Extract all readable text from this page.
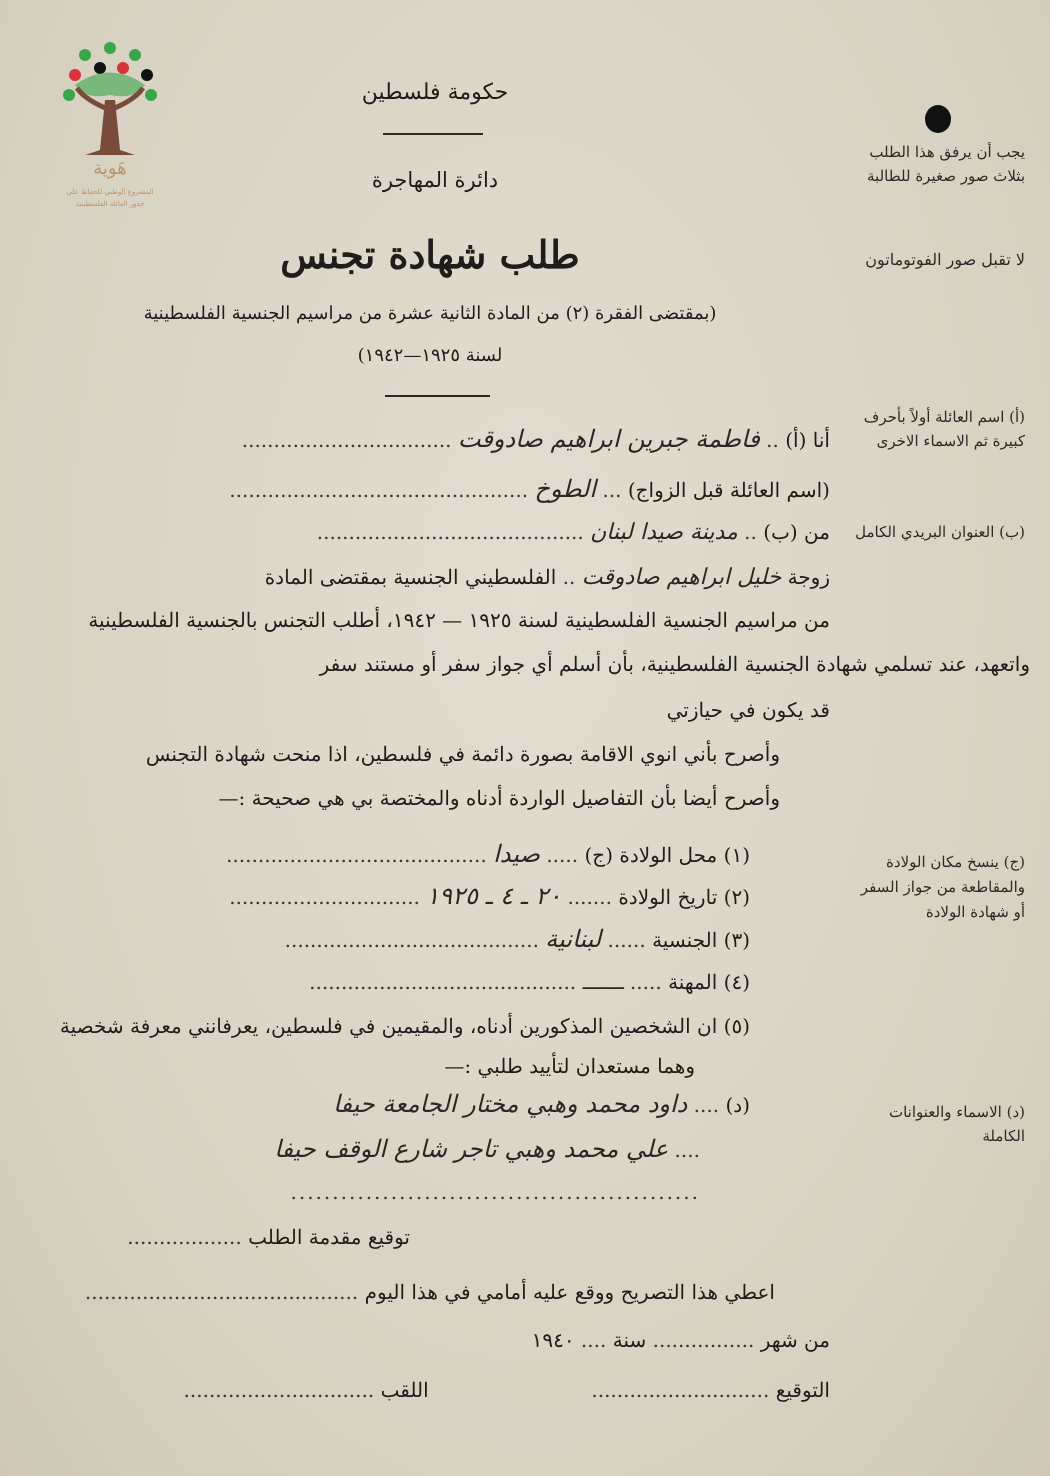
هَوية
المشروع الوطني للحفاظ على
جذور العائلة الفلسطينية
حكومة فلسطين
دائرة المهاجرة
طلب شهادة تجنس
(بمقتضى الفقرة (٢) من المادة الثانية عشرة من مراسيم الجنسية الفلسطينية
لسنة ١٩٢٥—١٩٤٢)
يجب أن يرفق هذا الطلب بثلاث صور صغيرة للطالبة
لا تقبل صور الفوتوماتون
(أ) اسم العائلة أولاً بأحرف كبيرة ثم الاسماء الاخرى
(ب) العنوان البريدي الكامل
(ج) ينسخ مكان الولادة والمقاطعة من جواز السفر أو شهادة الولادة
(د) الاسماء والعنوانات الكاملة
أنا (أ) .. فاطمة جبرين ابراهيم صادوقت .................................
(اسم العائلة قبل الزواج) ... الطوخ ...............................................
من (ب) .. مدينة صيدا لبنان ..........................................
زوجة خليل ابراهيم صادوقت .. الفلسطيني الجنسية بمقتضى المادة
من مراسيم الجنسية الفلسطينية لسنة ١٩٢٥ — ١٩٤٢، أطلب التجنس بالجنسية الفلسطينية
واتعهد، عند تسلمي شهادة الجنسية الفلسطينية، بأن أسلم أي جواز سفر أو مستند سفر
قد يكون في حيازتي
وأصرح بأني انوي الاقامة بصورة دائمة في فلسطين، اذا منحت شهادة التجنس
وأصرح أيضا بأن التفاصيل الواردة أدناه والمختصة بي هي صحيحة :—
(١) محل الولادة (ج) ..... صيدا .........................................
(٢) تاريخ الولادة ....... ٢٠ ـ ٤ ـ ١٩٢٥ ..............................
(٣) الجنسية ...... لبنانية ........................................
(٤) المهنة ..... ـــــــ ..........................................
(٥) ان الشخصين المذكورين أدناه، والمقيمين في فلسطين، يعرفانني معرفة شخصية
وهما مستعدان لتأييد طلبي :—
(د) .... داود محمد وهبي مختار الجامعة حيفا
.... علي محمد وهبي تاجر شارع الوقف حيفا
.................................................
توقيع مقدمة الطلب ..................
اعطي هذا التصريح ووقع عليه أمامي في هذا اليوم ...........................................
من شهر ................ سنة .... ١٩٤٠
التوقيع ............................  اللقب ..............................
